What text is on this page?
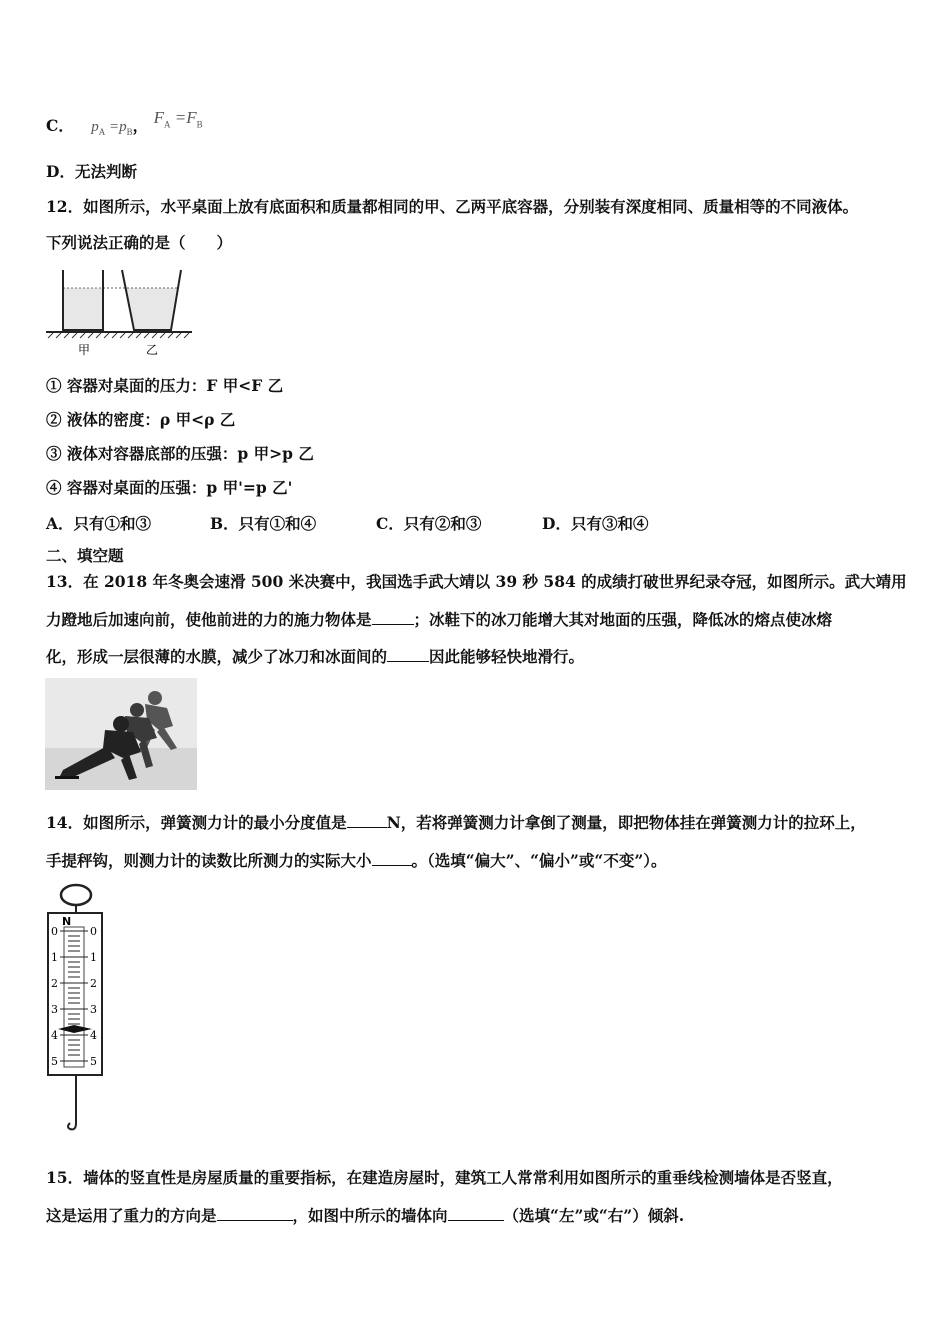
C． $p_A =p_B$， $F_A =F_B$
D．无法判断
12．如图所示，水平桌面上放有底面积和质量都相同的甲、乙两平底容器，分别装有深度相同、质量相等的不同液体。
下列说法正确的是（　　）
甲	乙
① 容器对桌面的压力：F 甲<F 乙
② 液体的密度：ρ 甲<ρ 乙
③ 液体对容器底部的压强：p 甲>p 乙
④ 容器对桌面的压强：p 甲'=p 乙'
A．只有①和③	B．只有①和④	C．只有②和③	D．只有③和④
二、填空题
13．在 2018 年冬奥会速滑 500 米决赛中，我国选手武大靖以 39 秒 584 的成绩打破世界纪录夺冠，如图所示。武大靖用
力蹬地后加速向前，使他前进的力的施力物体是	；冰鞋下的冰刀能增大其对地面的压强，降低冰的熔点使冰熔
化，形成一层很薄的水膜，减少了冰刀和冰面间的	因此能够轻快地滑行。
14．如图所示，弹簧测力计的最小分度值是	N，若将弹簧测力计拿倒了测量，即把物体挂在弹簧测力计的拉环上，
手提秤钩，则测力计的读数比所测力的实际大小	。（选填“偏大”、“偏小”或“不变”）。
N
0
1
2
3
4
5
0
1
2
3
4
5
15．墙体的竖直性是房屋质量的重要指标，在建造房屋时，建筑工人常常利用如图所示的重垂线检测墙体是否竖直，
这是运用了重力的方向是	，如图中所示的墙体向	（选填“左”或“右”）倾斜.
